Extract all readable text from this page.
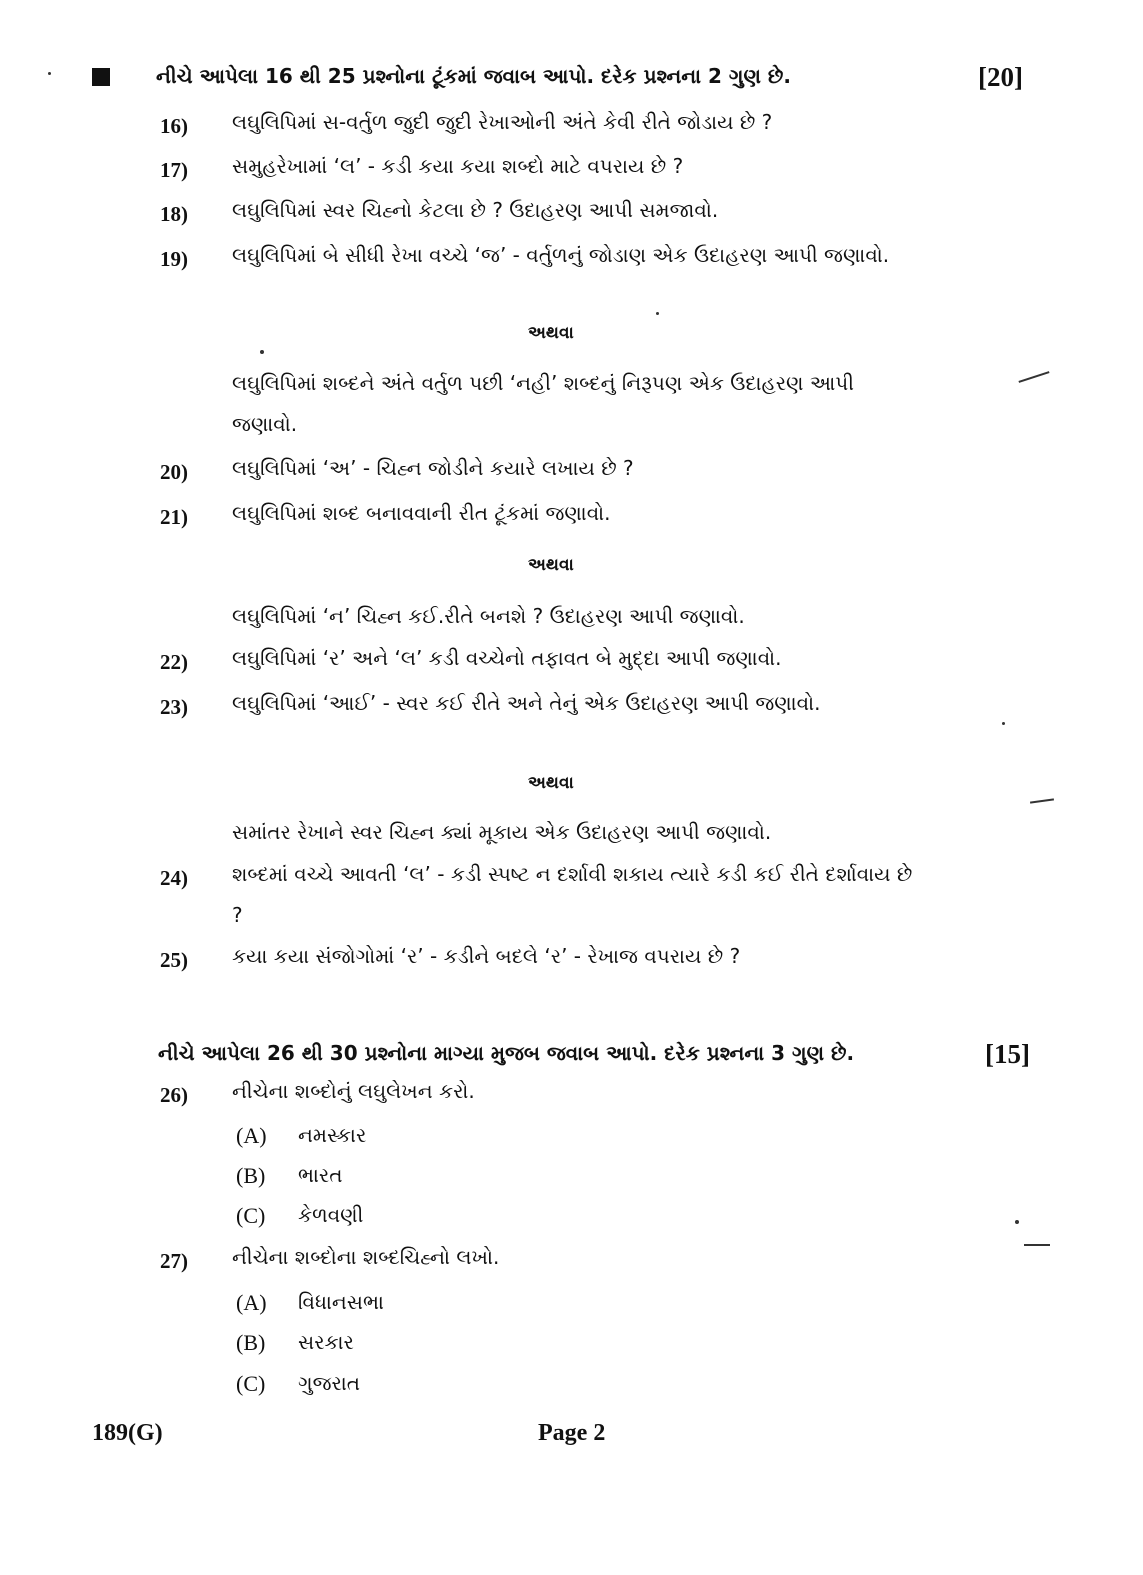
નીચે આપેલા 16 થી 25 પ્રશ્નોના ટૂંકમાં જવાબ આપો. દરેક પ્રશ્નના 2 ગુણ છે.	[20]
16) લઘુલિપિમાં સ-વર્તુળ જુદી જુદી રેખાઓની અંતે કેવી રીતે જોડાય છે ?
17) સમુહરેખામાં ‘લ’ - કડી કયા કયા શબ્દો માટે વપરાય છે ?
18) લઘુલિપિમાં સ્વર ચિહ્નો કેટલા છે ? ઉદાહરણ આપી સમજાવો.
19) લઘુલિપિમાં બે સીધી રેખા વચ્ચે ‘જ’ - વર્તુળનું જોડાણ એક ઉદાહરણ આપી જણાવો.
અથવા
લઘુલિપિમાં શબ્દને અંતે વર્તુળ પછી ‘નહી’ શબ્દનું નિરૂપણ એક ઉદાહરણ આપી જણાવો.
20) લઘુલિપિમાં ‘અ’ - ચિહ્ન જોડીને કયારે લખાય છે ?
21) લઘુલિપિમાં શબ્દ બનાવવાની રીત ટૂંકમાં જણાવો.
અથવા
લઘુલિપિમાં ‘ન’ ચિહ્ન કઈ.રીતે બનશે ? ઉદાહરણ આપી જણાવો.
22) લઘુલિપિમાં ‘ર’ અને ‘લ’ કડી વચ્ચેનો તફાવત બે મુદ્દા આપી જણાવો.
23) લઘુલિપિમાં ‘આઈ’ - સ્વર કઈ રીતે અને તેનું એક ઉદાહરણ આપી જણાવો.
અથવા
સમાંતર રેખાને સ્વર ચિહ્ન ક્યાં મૂકાય એક ઉદાહરણ આપી જણાવો.
24) શબ્દમાં વચ્ચે આવતી ‘લ’ - કડી સ્પષ્ટ ન દર્શાવી શકાય ત્યારે કડી કઈ રીતે દર્શાવાય છે ?
25) કયા કયા સંજોગોમાં ‘ર’ - કડીને બદલે ‘ર’ - રેખાજ વપરાય છે ?
નીચે આપેલા 26 થી 30 પ્રશ્નોના માગ્યા મુજબ જવાબ આપો. દરેક પ્રશ્નના 3 ગુણ છે.	[15]
26) નીચેના શબ્દોનું લઘુલેખન કરો.
(A) નમસ્કાર
(B) ભારત
(C) કેળવણી
27) નીચેના શબ્દોના શબ્દચિહ્નો લખો.
(A) વિધાનસભા
(B) સરકાર
(C) ગુજરાત
189(G)	Page 2
